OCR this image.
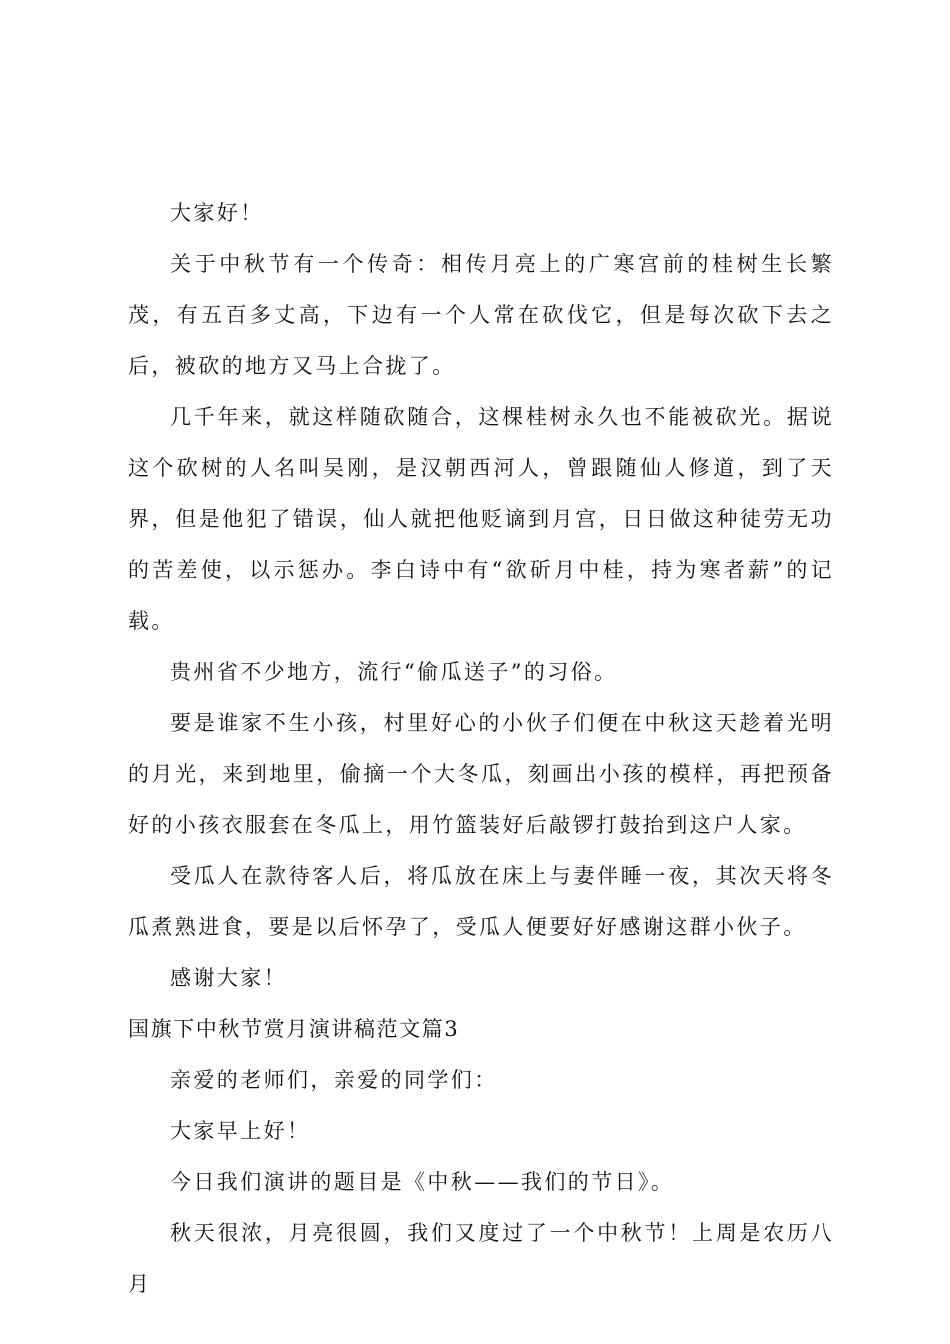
大家好！

关于中秋节有一个传奇：相传月亮上的广寒宫前的桂树生长繁茂，有五百多丈高，下边有一个人常在砍伐它，但是每次砍下去之后，被砍的地方又马上合拢了。

几千年来，就这样随砍随合，这棵桂树永久也不能被砍光。据说这个砍树的人名叫吴刚，是汉朝西河人，曾跟随仙人修道，到了天界，但是他犯了错误，仙人就把他贬谪到月宫，日日做这种徒劳无功的苦差使，以示惩办。李白诗中有“欲斫月中桂，持为寒者薪”的记载。

贵州省不少地方，流行“偷瓜送子”的习俗。

要是谁家不生小孩，村里好心的小伙子们便在中秋这天趁着光明的月光，来到地里，偷摘一个大冬瓜，刻画出小孩的模样，再把预备好的小孩衣服套在冬瓜上，用竹篮装好后敲锣打鼓抬到这户人家。

受瓜人在款待客人后，将瓜放在床上与妻伴睡一夜，其次天将冬瓜煮熟进食，要是以后怀孕了，受瓜人便要好好感谢这群小伙子。

感谢大家！

国旗下中秋节赏月演讲稿范文篇3

亲爱的老师们，亲爱的同学们：

大家早上好！

今日我们演讲的题目是《中秋——我们的节日》。

秋天很浓，月亮很圆，我们又度过了一个中秋节！上周是农历八月
